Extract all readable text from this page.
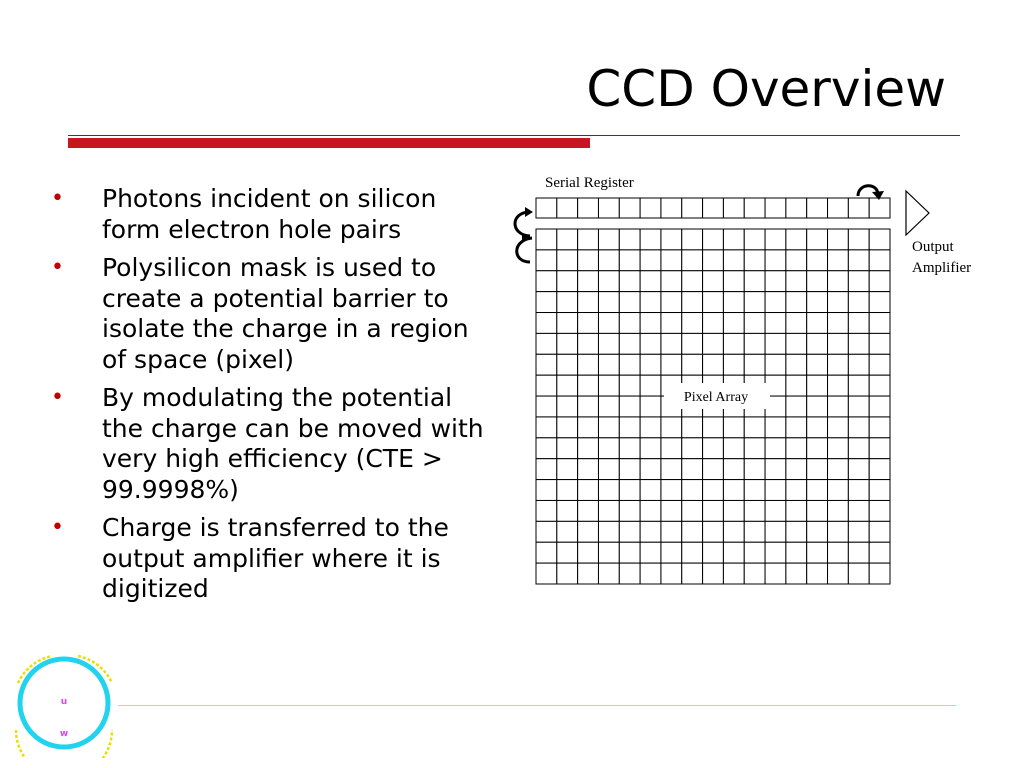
CCD Overview
• Photons incident on silicon form electron hole pairs
• Polysilicon mask is used to create a potential barrier to isolate the charge in a region of space (pixel)
• By modulating the potential the charge can be moved with very high efficiency (CTE > 99.9998%)
• Charge is transferred to the output amplifier where it is digitized
Pixel Array
Serial Register
Output
Amplifier
u
w
